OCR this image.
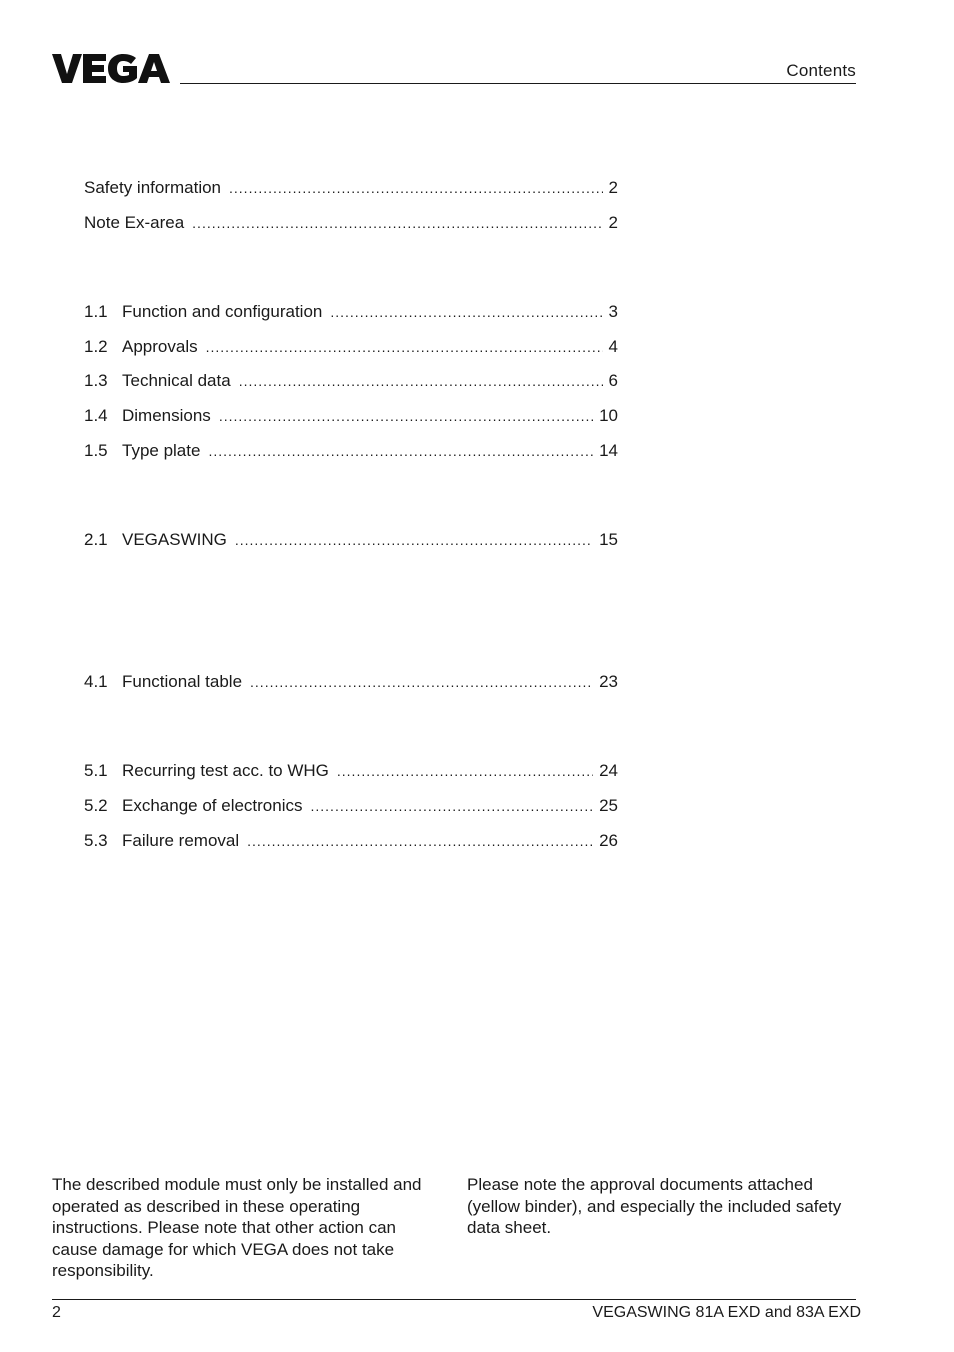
Contents
Safety information .....	2
Note Ex-area .....	2
1.1 Function and configuration .....	3
1.2 Approvals .....	4
1.3 Technical data .....	6
1.4 Dimensions .....	10
1.5 Type plate .....	14
2.1 VEGASWING .....	15
4.1 Functional table .....	23
5.1 Recurring test acc. to WHG .....	24
5.2 Exchange of electronics .....	25
5.3 Failure removal .....	26
The described module must only be installed and operated as described in these operating instructions. Please note that other action can cause damage for which VEGA does not take responsibility.
Please note the approval documents attached (yellow binder), and especially the included safety data sheet.
2	VEGASWING 81A EXD and 83A EXD
